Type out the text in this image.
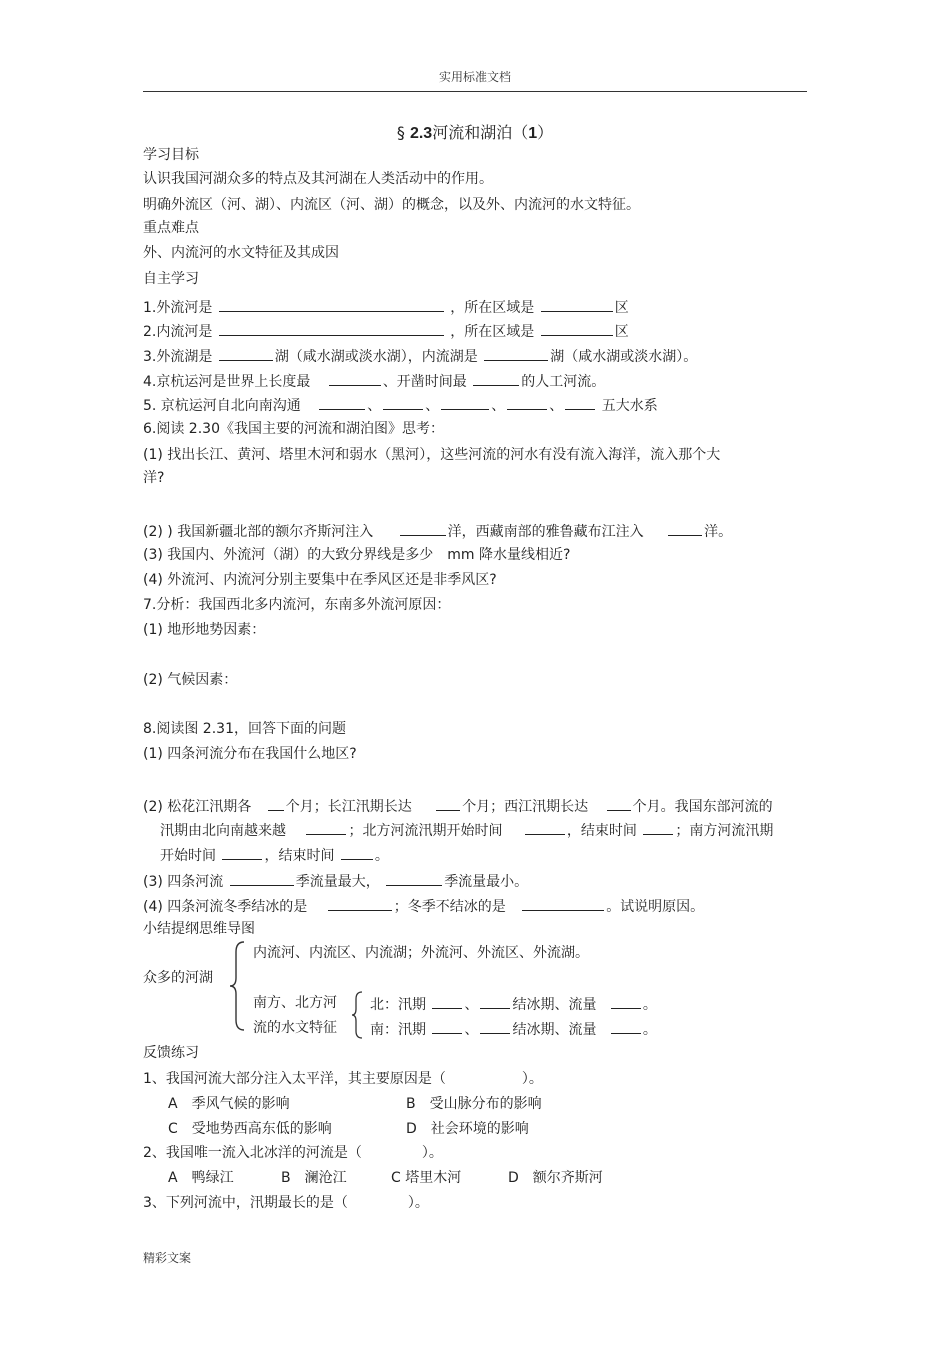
实用标准文档
§ 2.3河流和湖泊（1）
学习目标
认识我国河湖众多的特点及其河湖在人类活动中的作用。
明确外流区（河、湖）、内流区（河、湖）的概念，以及外、内流河的水文特征。
重点难点
外、内流河的水文特征及其成因
自主学习
1.外流河是	，所在区域是	区
2.内流河是	，所在区域是	区
3.外流湖是	湖（咸水湖或淡水湖），内流湖是	湖（咸水湖或淡水湖）。
4.京杭运河是世界上长度最	、开凿时间最	的人工河流。
5. 京杭运河自北向南沟通	、	、	、	、	五大水系
6.阅读 2.30《我国主要的河流和湖泊图》思考：
(1) 找出长江、黄河、塔里木河和弱水（黑河），这些河流的河水有没有流入海洋，流入那个大
洋?
(2) ) 我国新疆北部的额尔齐斯河注入	洋，西藏南部的雅鲁藏布江注入	洋。
(3) 我国内、外流河（湖）的大致分界线是多少　mm 降水量线相近?
(4) 外流河、内流河分别主要集中在季风区还是非季风区?
7.分析：我国西北多内流河，东南多外流河原因：
(1) 地形地势因素：
(2) 气候因素：
8.阅读图 2.31，回答下面的问题
(1) 四条河流分布在我国什么地区?
(2) 松花江汛期各 个月；长江汛期长达	个月；西江汛期长达	个月。我国东部河流的
汛期由北向南越来越	；北方河流汛期开始时间	，结束时间	；南方河流汛期
开始时间	，结束时间	。
(3) 四条河流	季流量最大，	季流量最小。
(4) 四条河流冬季结冰的是	；冬季不结冰的是	。试说明原因。
小结提纲思维导图
众多的河湖
内流河、内流区、内流湖；外流河、外流区、外流湖。
南方、北方河
流的水文特征
北：汛期	、 结冰期、流量	。
南：汛期	、 结冰期、流量	。
反馈练习
1、我国河流大部分注入太平洋，其主要原因是（	）。
A　季风气候的影响	B　受山脉分布的影响
C　受地势西高东低的影响	D　社会环境的影响
2、我国唯一流入北冰洋的河流是（	）。
A　鸭绿江	B　澜沧江	C 塔里木河	D　额尔齐斯河
3、下列河流中，汛期最长的是（	）。
精彩文案
